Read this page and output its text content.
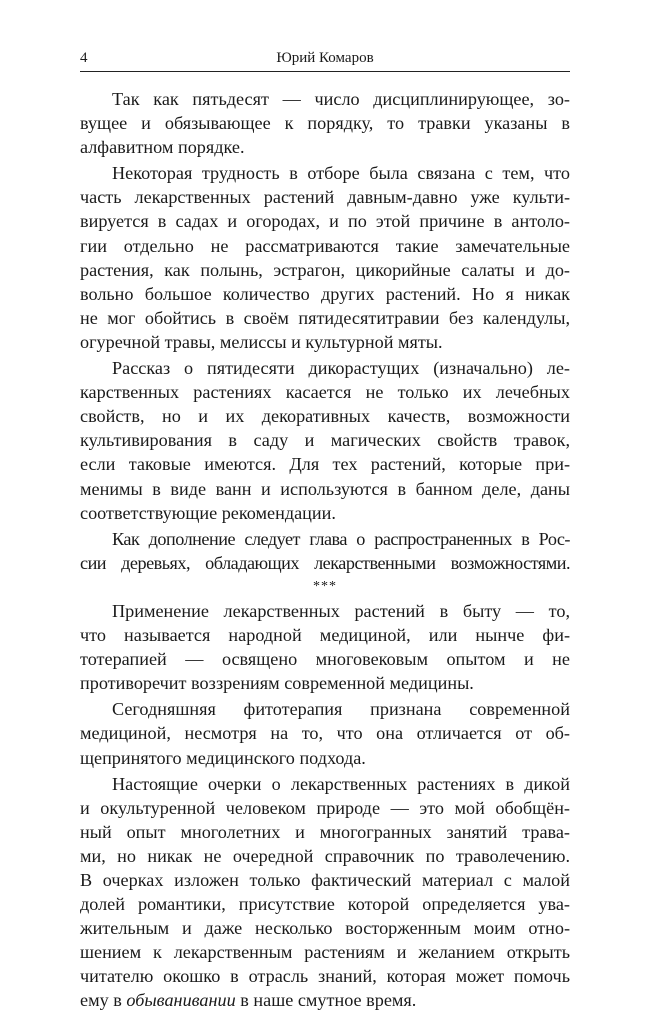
4	Юрий Комаров
Так как пятьдесят — число дисциплинирующее, зо-
вущее и обязывающее к порядку, то травки указаны в
алфавитном порядке.
Некоторая трудность в отборе была связана с тем, что
часть лекарственных растений давным-давно уже культи-
вируется в садах и огородах, и по этой причине в антоло-
гии отдельно не рассматриваются такие замечательные
растения, как полынь, эстрагон, цикорийные салаты и до-
вольно большое количество других растений. Но я никак
не мог обойтись в своём пятидесятитравии без календулы,
огуречной травы, мелиссы и культурной мяты.
Рассказ о пятидесяти дикорастущих (изначально) ле-
карственных растениях касается не только их лечебных
свойств, но и их декоративных качеств, возможности
культивирования в саду и магических свойств травок,
если таковые имеются. Для тех растений, которые при-
менимы в виде ванн и используются в банном деле, даны
соответствующие рекомендации.
Как дополнение следует глава о распространенных в Рос-
сии деревьях, обладающих лекарственными возможностями.
***
Применение лекарственных растений в быту — то,
что называется народной медициной, или нынче фи-
тотерапией — освящено многовековым опытом и не
противоречит воззрениям современной медицины.
Сегодняшняя фитотерапия признана современной
медициной, несмотря на то, что она отличается от об-
щепринятого медицинского подхода.
Настоящие очерки о лекарственных растениях в дикой
и окультуренной человеком природе — это мой обобщён-
ный опыт многолетних и многогранных занятий трава-
ми, но никак не очередной справочник по траволечению.
В очерках изложен только фактический материал с малой
долей романтики, присутствие которой определяется ува-
жительным и даже несколько восторженным моим отно-
шением к лекарственным растениям и желанием открыть
читателю окошко в отрасль знаний, которая может помочь
ему в обыванивании в наше смутное время.
